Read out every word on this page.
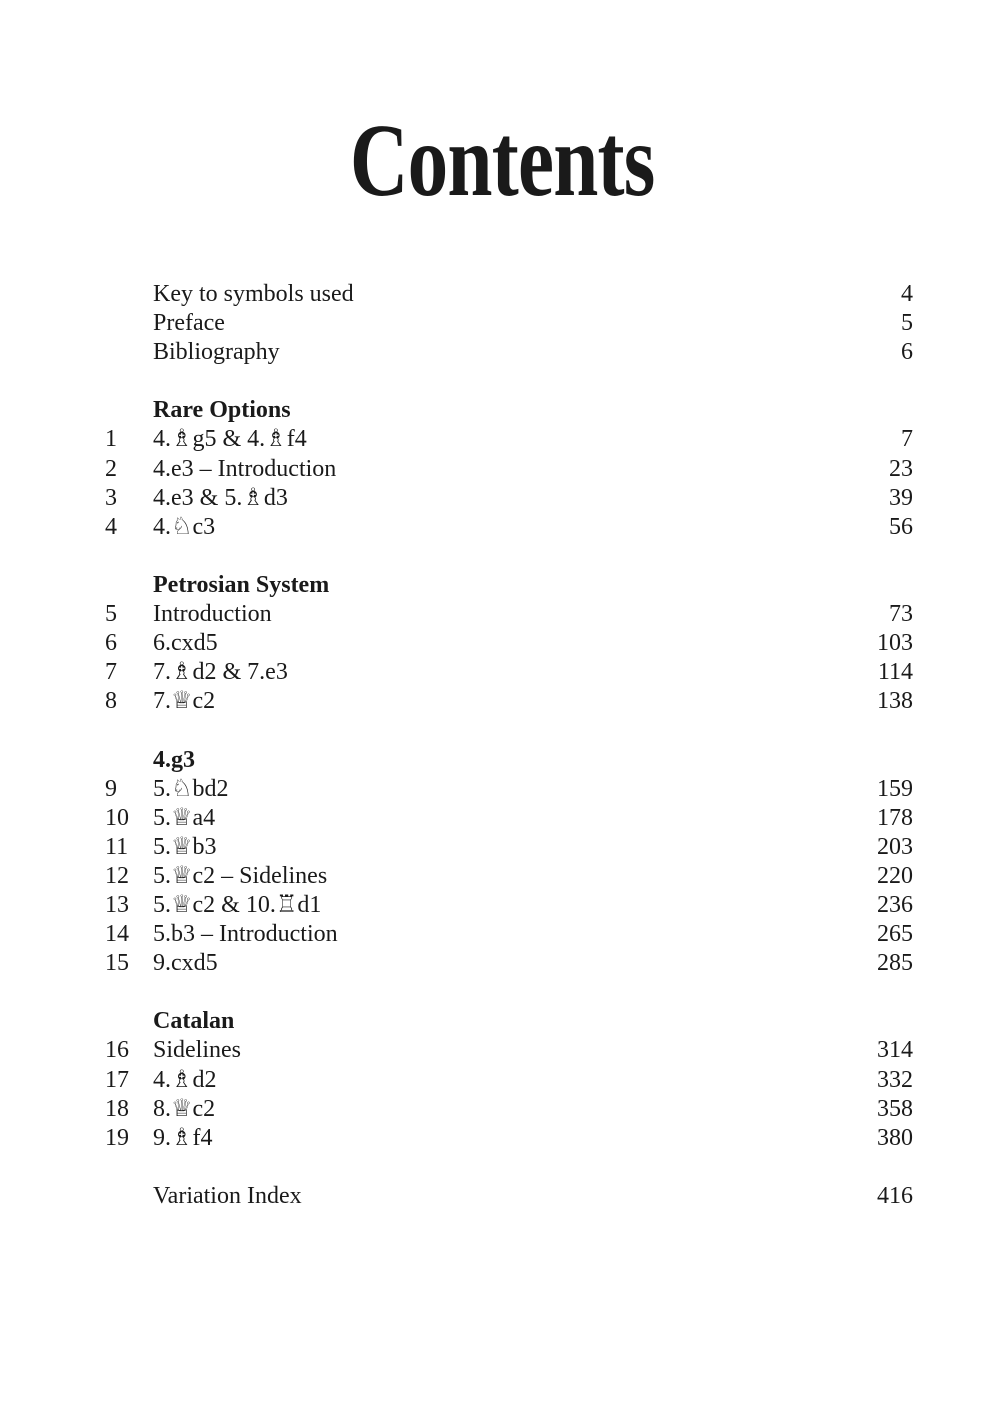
Contents
Key to symbols used	4
Preface	5
Bibliography	6
Rare Options
1	4.♗g5 & 4.♗f4	7
2	4.e3 – Introduction	23
3	4.e3 & 5.♗d3	39
4	4.♘c3	56
Petrosian System
5	Introduction	73
6	6.cxd5	103
7	7.♗d2 & 7.e3	114
8	7.♕c2	138
4.g3
9	5.♘bd2	159
10	5.♕a4	178
11	5.♕b3	203
12	5.♕c2 – Sidelines	220
13	5.♕c2 & 10.♖d1	236
14	5.b3 – Introduction	265
15	9.cxd5	285
Catalan
16	Sidelines	314
17	4.♗d2	332
18	8.♕c2	358
19	9.♗f4	380
Variation Index	416
